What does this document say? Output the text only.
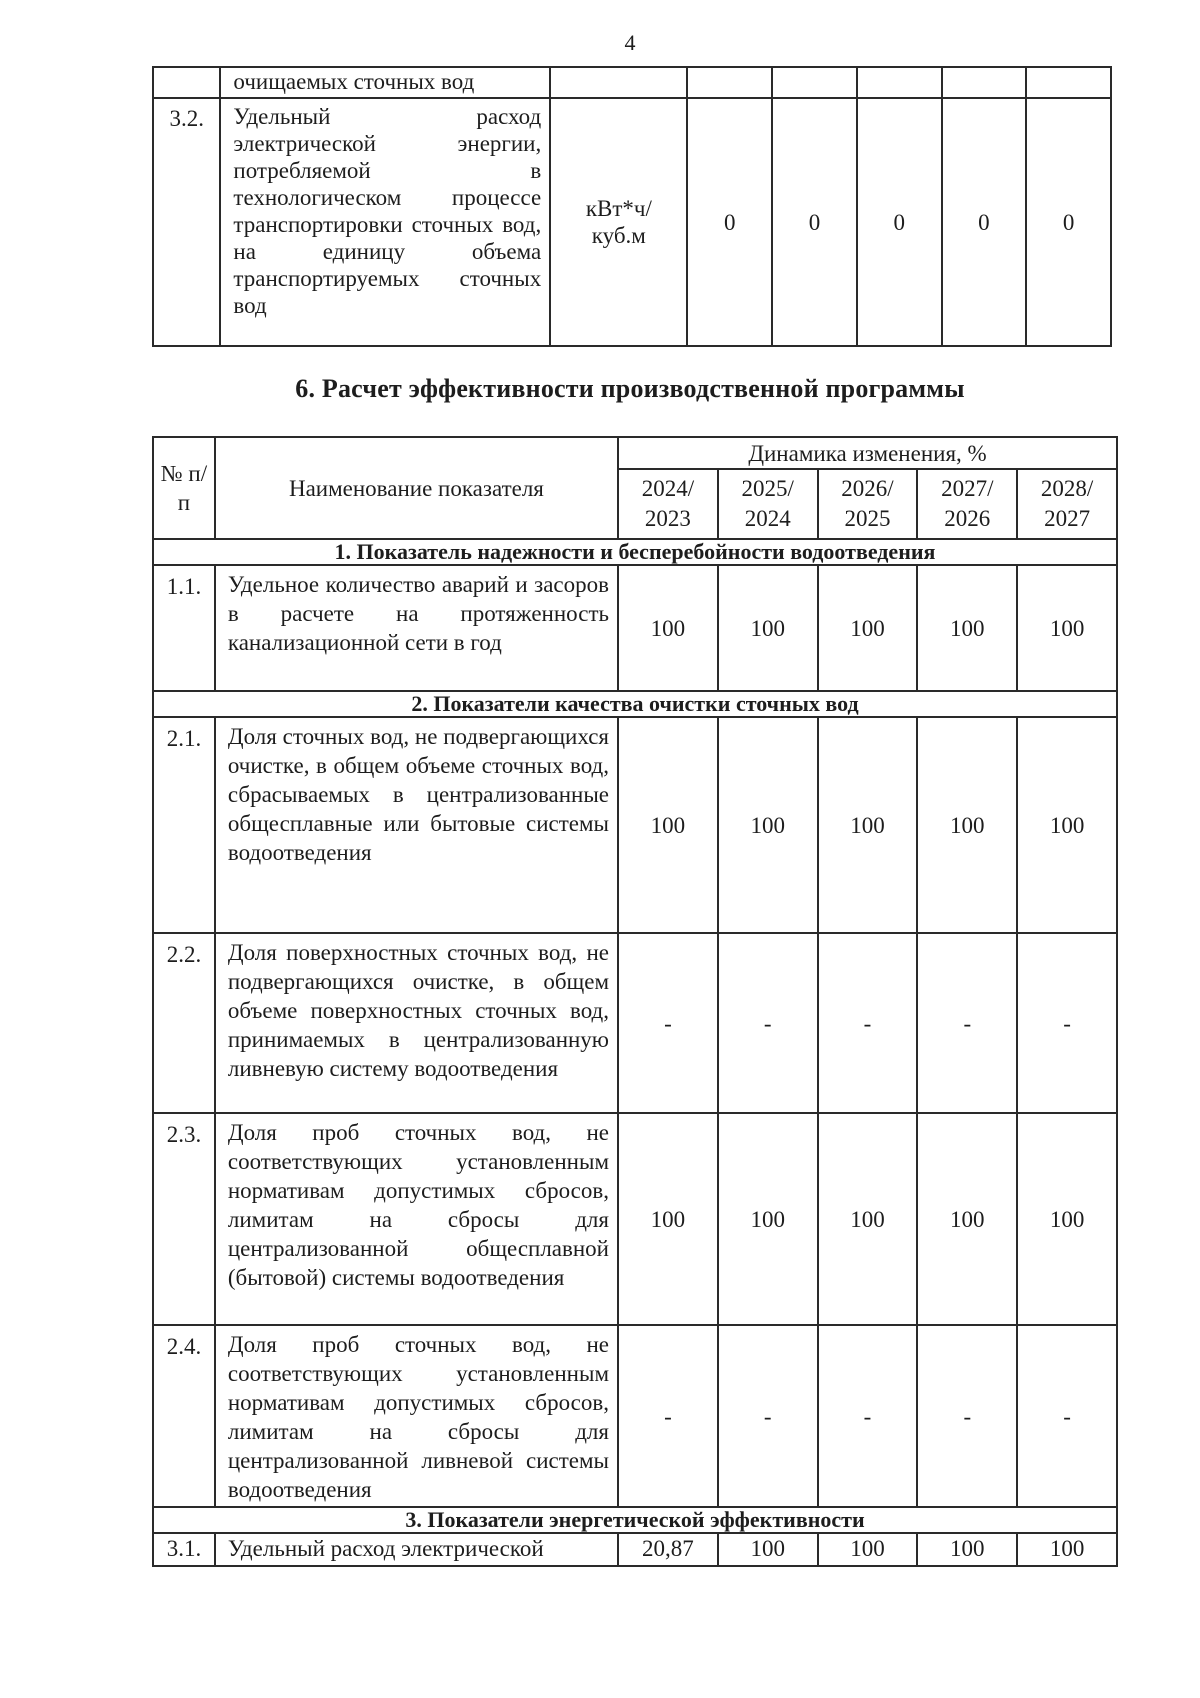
4
	очищаемых сточных вод						
3.2.	Удельный расход электрической энергии, потребляемой в технологическом процессе транспортировки сточных вод, на единицу объема транспортируемых сточных вод	кВт*ч/ куб.м	0	0	0	0	0
6. Расчет эффективности производственной программы
№ п/п	Наименование показателя	Динамика изменения, %				
		2024/ 2023	2025/ 2024	2026/ 2025	2027/ 2026	2028/ 2027
1. Показатель надежности и бесперебойности водоотведения						
1.1.	Удельное количество аварий и засоров в расчете на протяженность канализационной сети в год	100	100	100	100	100
2. Показатели качества очистки сточных вод						
2.1.	Доля сточных вод, не подвергающихся очистке, в общем объеме сточных вод, сбрасываемых в централизованные общесплавные или бытовые системы водоотведения	100	100	100	100	100
2.2.	Доля поверхностных сточных вод, не подвергающихся очистке, в общем объеме поверхностных сточных вод, принимаемых в централизованную ливневую систему водоотведения	-	-	-	-	-
2.3.	Доля проб сточных вод, не соответствующих установленным нормативам допустимых сбросов, лимитам на сбросы для централизованной общесплавной (бытовой) системы водоотведения	100	100	100	100	100
2.4.	Доля проб сточных вод, не соответствующих установленным нормативам допустимых сбросов, лимитам на сбросы для централизованной ливневой системы водоотведения	-	-	-	-	-
3. Показатели энергетической эффективности						
3.1.	Удельный расход электрической	20,87	100	100	100	100
